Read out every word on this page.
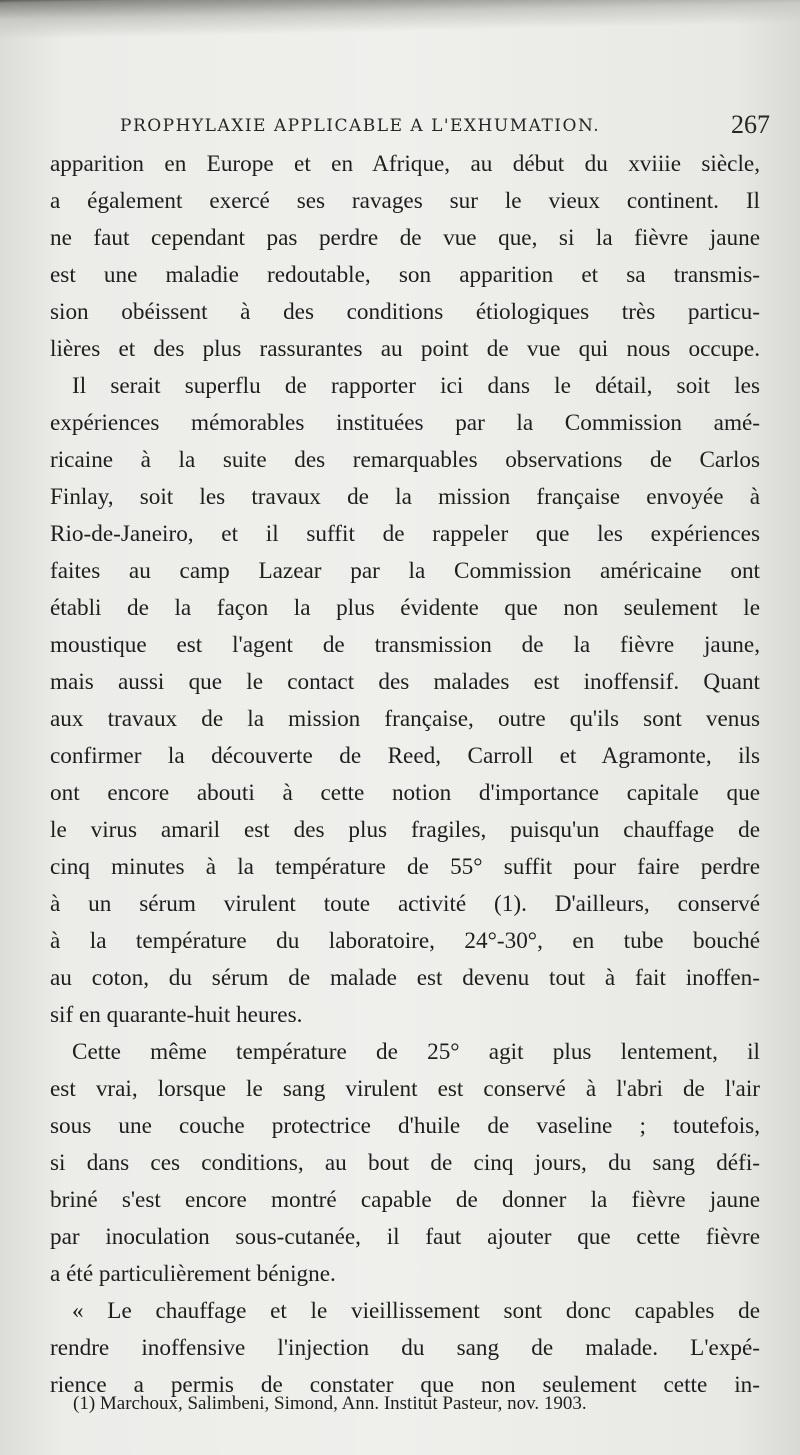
PROPHYLAXIE APPLICABLE A L'EXHUMATION.	267
apparition en Europe et en Afrique, au début du xviiie siècle,
a également exercé ses ravages sur le vieux continent. Il
ne faut cependant pas perdre de vue que, si la fièvre jaune
est une maladie redoutable, son apparition et sa transmis-
sion obéissent à des conditions étiologiques très particu-
lières et des plus rassurantes au point de vue qui nous occupe.
Il serait superflu de rapporter ici dans le détail, soit les
expériences mémorables instituées par la Commission amé-
ricaine à la suite des remarquables observations de Carlos
Finlay, soit les travaux de la mission française envoyée à
Rio-de-Janeiro, et il suffit de rappeler que les expériences
faites au camp Lazear par la Commission américaine ont
établi de la façon la plus évidente que non seulement le
moustique est l'agent de transmission de la fièvre jaune,
mais aussi que le contact des malades est inoffensif. Quant
aux travaux de la mission française, outre qu'ils sont venus
confirmer la découverte de Reed, Carroll et Agramonte, ils
ont encore abouti à cette notion d'importance capitale que
le virus amaril est des plus fragiles, puisqu'un chauffage de
cinq minutes à la température de 55° suffit pour faire perdre
à un sérum virulent toute activité (1). D'ailleurs, conservé
à la température du laboratoire, 24°-30°, en tube bouché
au coton, du sérum de malade est devenu tout à fait inoffen-
sif en quarante-huit heures.
Cette même température de 25° agit plus lentement, il
est vrai, lorsque le sang virulent est conservé à l'abri de l'air
sous une couche protectrice d'huile de vaseline ; toutefois,
si dans ces conditions, au bout de cinq jours, du sang défi-
briné s'est encore montré capable de donner la fièvre jaune
par inoculation sous-cutanée, il faut ajouter que cette fièvre
a été particulièrement bénigne.
« Le chauffage et le vieillissement sont donc capables de
rendre inoffensive l'injection du sang de malade. L'expé-
rience a permis de constater que non seulement cette in-
(1) Marchoux, Salimbeni, Simond, Ann. Institut Pasteur, nov. 1903.
